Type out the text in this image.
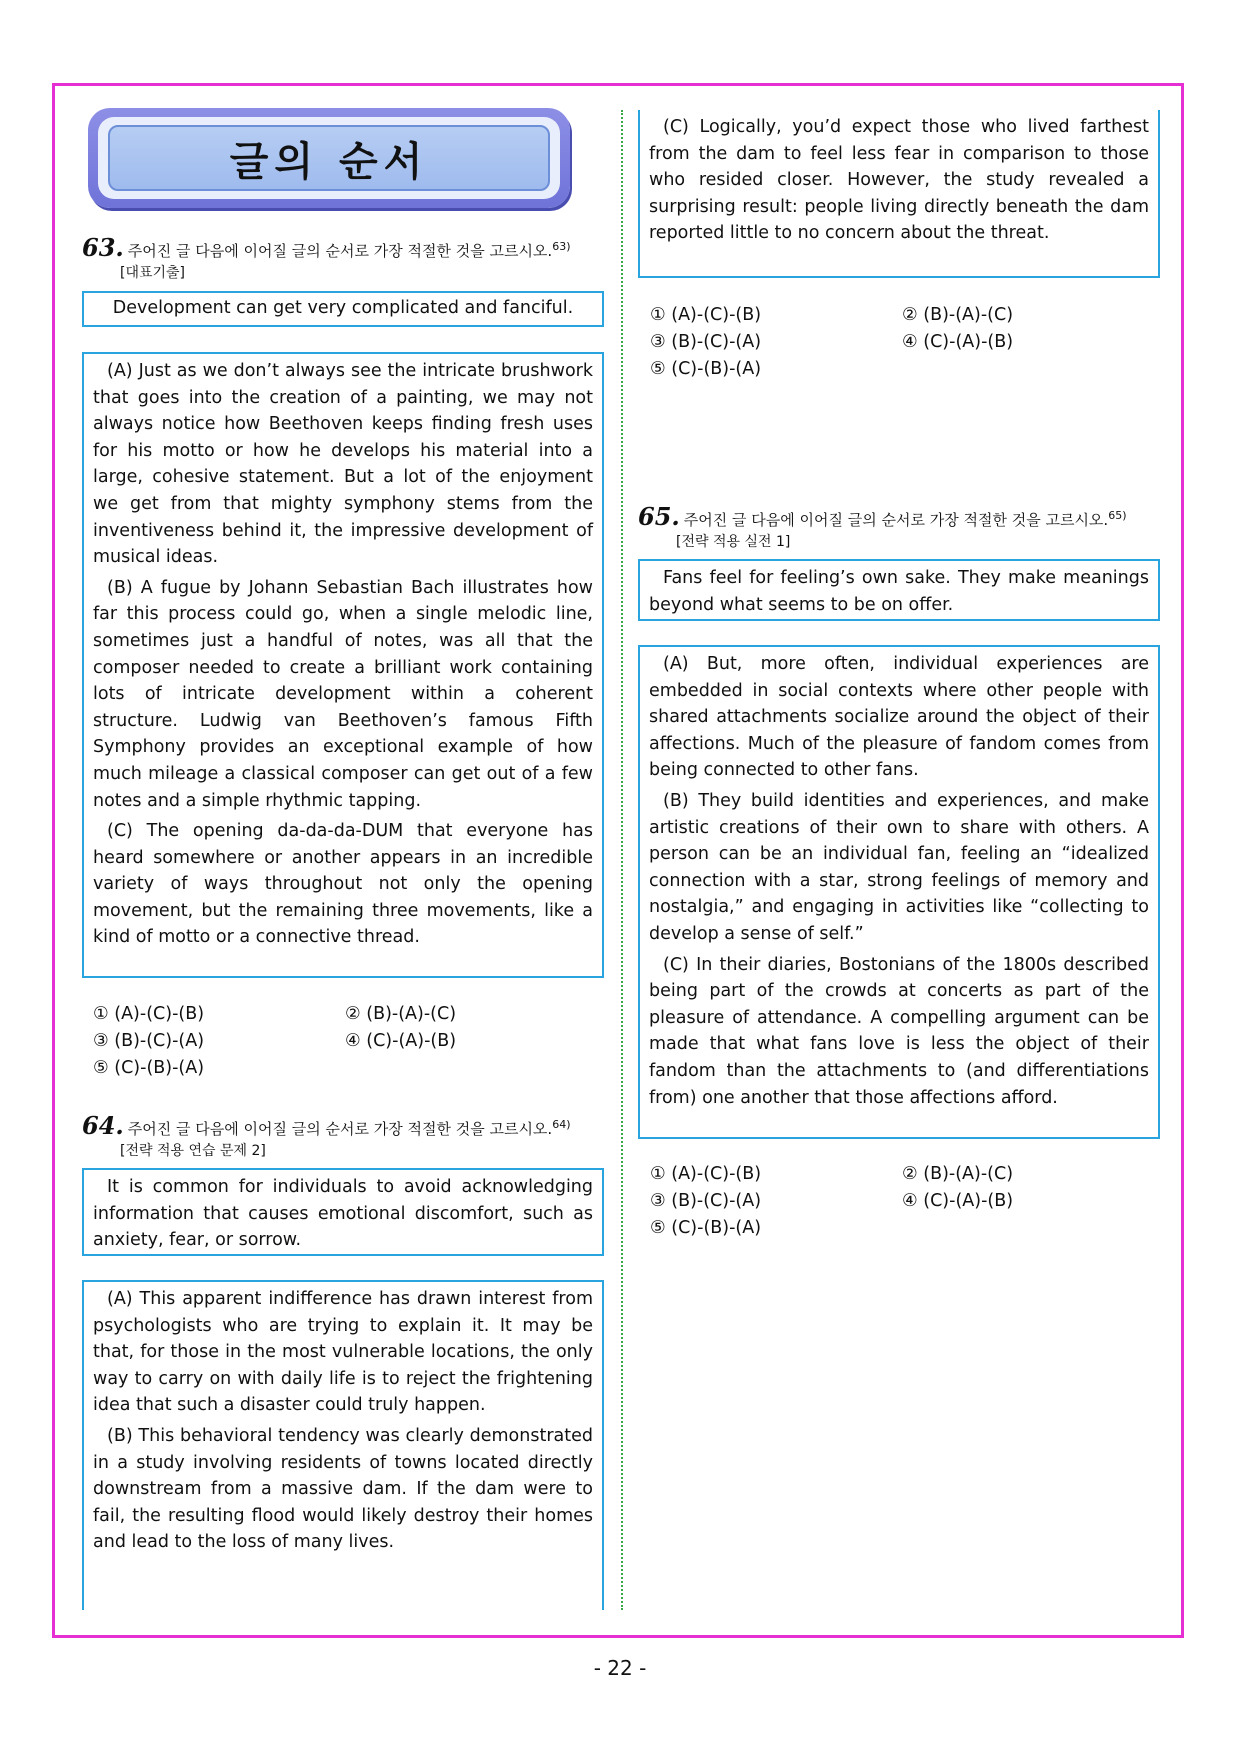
글의 순서
63. 주어진 글 다음에 이어질 글의 순서로 가장 적절한 것을 고르시오.$^{63)}$
[대표기출]

Development can get very complicated and fanciful.

(A) Just as we don’t always see the intricate brushwork that goes into the creation of a painting, we may not always notice how Beethoven keeps finding fresh uses for his motto or how he develops his material into a large, cohesive statement. But a lot of the enjoyment we get from that mighty symphony stems from the inventiveness behind it, the impressive development of musical ideas.

(B) A fugue by Johann Sebastian Bach illustrates how far this process could go, when a single melodic line, sometimes just a handful of notes, was all that the composer needed to create a brilliant work containing lots of intricate development within a coherent structure. Ludwig van Beethoven’s famous Fifth Symphony provides an exceptional example of how much mileage a classical composer can get out of a few notes and a simple rhythmic tapping.

(C) The opening da-da-da-DUM that everyone has heard somewhere or another appears in an incredible variety of ways throughout not only the opening movement, but the remaining three movements, like a kind of motto or a connective thread.

① (A)-(C)-(B)	② (B)-(A)-(C)
③ (B)-(C)-(A)	④ (C)-(A)-(B)
⑤ (C)-(B)-(A)
64. 주어진 글 다음에 이어질 글의 순서로 가장 적절한 것을 고르시오.$^{64)}$
[전략 적용 연습 문제 2]

It is common for individuals to avoid acknowledging information that causes emotional discomfort, such as anxiety, fear, or sorrow.

(A) This apparent indifference has drawn interest from psychologists who are trying to explain it. It may be that, for those in the most vulnerable locations, the only way to carry on with daily life is to reject the frightening idea that such a disaster could truly happen.

(B) This behavioral tendency was clearly demonstrated in a study involving residents of towns located directly downstream from a massive dam. If the dam were to fail, the resulting flood would likely destroy their homes and lead to the loss of many lives.

(C) Logically, you’d expect those who lived farthest from the dam to feel less fear in comparison to those who resided closer. However, the study revealed a surprising result: people living directly beneath the dam reported little to no concern about the threat.

① (A)-(C)-(B)	② (B)-(A)-(C)
③ (B)-(C)-(A)	④ (C)-(A)-(B)
⑤ (C)-(B)-(A)
65. 주어진 글 다음에 이어질 글의 순서로 가장 적절한 것을 고르시오.$^{65)}$
[전략 적용 실전 1]

Fans feel for feeling’s own sake. They make meanings beyond what seems to be on offer.

(A) But, more often, individual experiences are embedded in social contexts where other people with shared attachments socialize around the object of their affections. Much of the pleasure of fandom comes from being connected to other fans.

(B) They build identities and experiences, and make artistic creations of their own to share with others. A person can be an individual fan, feeling an “idealized connection with a star, strong feelings of memory and nostalgia,” and engaging in activities like “collecting to develop a sense of self.”

(C) In their diaries, Bostonians of the 1800s described being part of the crowds at concerts as part of the pleasure of attendance. A compelling argument can be made that what fans love is less the object of their fandom than the attachments to (and differentiations from) one another that those affections afford.

① (A)-(C)-(B)	② (B)-(A)-(C)
③ (B)-(C)-(A)	④ (C)-(A)-(B)
⑤ (C)-(B)-(A)
- 22 -
